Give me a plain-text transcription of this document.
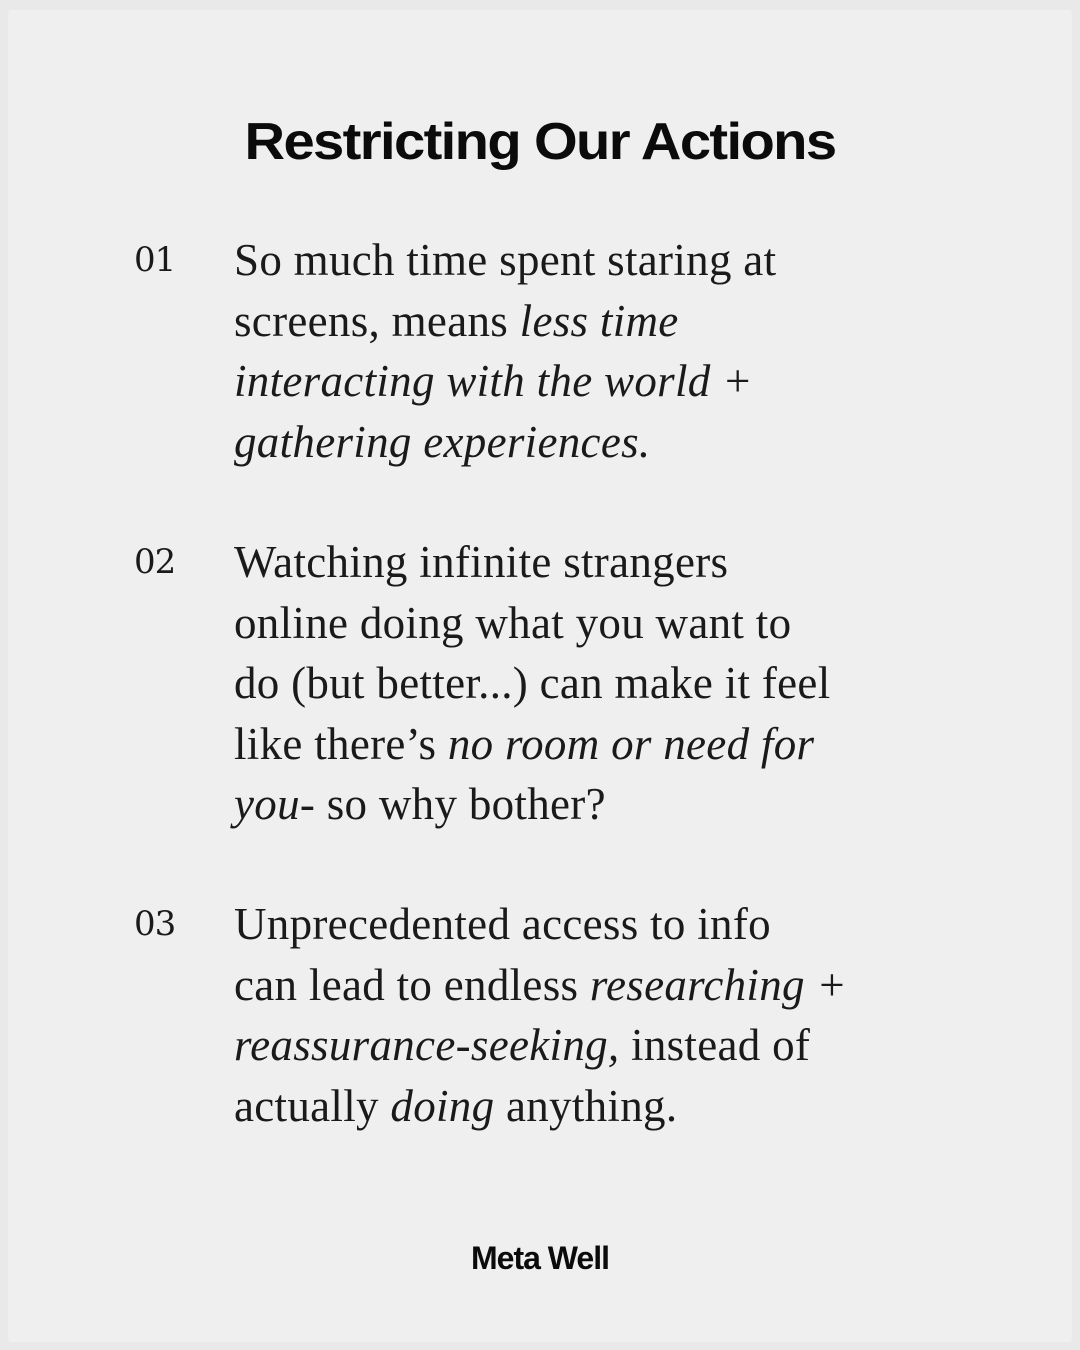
Restricting Our Actions
01	So much time spent staring at
screens, means less time
interacting with the world +
gathering experiences.
02	Watching infinite strangers
online doing what you want to
do (but better...) can make it feel
like there’s no room or need for
you- so why bother?
03	Unprecedented access to info
can lead to endless researching +
reassurance-seeking, instead of
actually doing anything.
Meta Well
